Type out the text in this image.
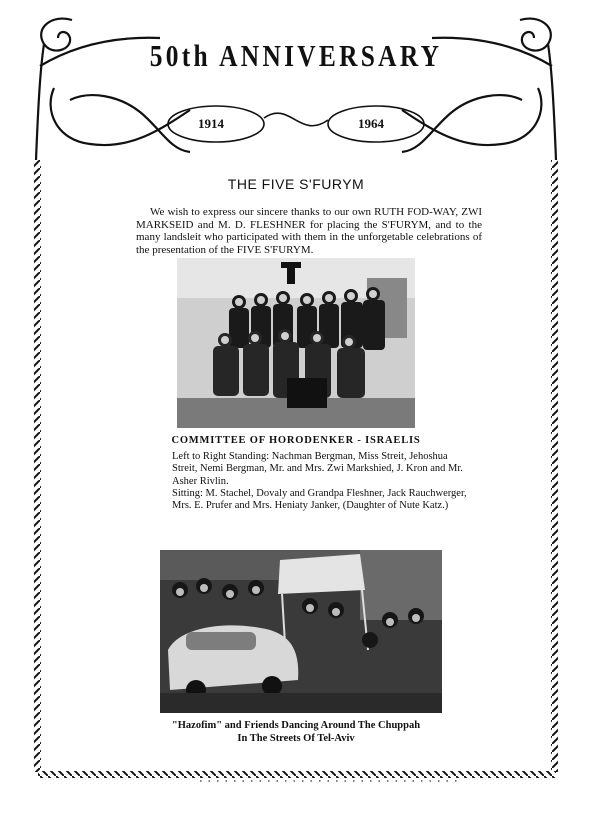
50th ANNIVERSARY
1914	1964
THE FIVE S'FURYM
We wish to express our sincere thanks to our own RUTH FOD-WAY, ZWI MARKSEID and M. D. FLESHNER for placing the S'FURYM, and to the many landsleit who participated with them in the unforgetable celebrations of the presentation of the FIVE S'FURYM.
COMMITTEE OF HORODENKER - ISRAELIS
Left to Right Standing: Nachman Bergman, Miss Streit, Jehoshua Streit, Nemi Bergman, Mr. and Mrs. Zwi Markshied, J. Kron and Mr. Asher Rivlin.
Sitting: M. Stachel, Dovaly and Grandpa Fleshner, Jack Rauchwerger, Mrs. E. Prufer and Mrs. Heniaty Janker, (Daughter of Nute Katz.)
"Hazofim" and Friends Dancing Around The Chuppah
In The Streets Of Tel-Aviv
